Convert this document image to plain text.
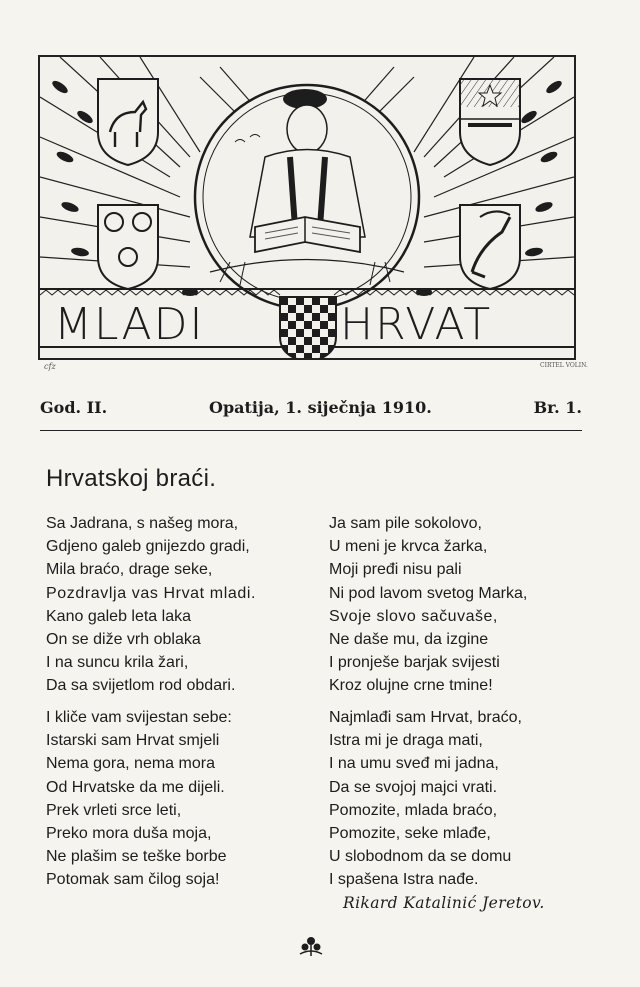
MLADI	HRVAT
cfz	CIRTEL VOLIN.
God. II.	Opatija, 1. siječnja 1910.	Br. 1.
Hrvatskoj braći.
Sa Jadrana, s našeg mora,
Gdjeno galeb gnijezdo gradi,
Mila braćo, drage seke,
Pozdravlja vas Hrvat mladi.
Kano galeb leta laka
On se diže vrh oblaka
I na suncu krila žari,
Da sa svijetlom rod obdari.
I kliče vam svijestan sebe:
Istarski sam Hrvat smjeli
Nema gora, nema mora
Od Hrvatske da me dijeli.
Prek vrleti srce leti,
Preko mora duša moja,
Ne plašim se teške borbe
Potomak sam čilog soja!
Ja sam pile sokolovo,
U meni je krvca žarka,
Moji pređi nisu pali
Ni pod lavom svetog Marka,
Svoje slovo sačuvaše,
Ne daše mu, da izgine
I pronješe barjak svijesti
Kroz olujne crne tmine!
Najmlađi sam Hrvat, braćo,
Istra mi je draga mati,
I na umu sveđ mi jadna,
Da se svojoj majci vrati.
Pomozite, mlada braćo,
Pomozite, seke mlađe,
U slobodnom da se domu
I spašena Istra nađe.
Rikard Katalinić Jeretov.
